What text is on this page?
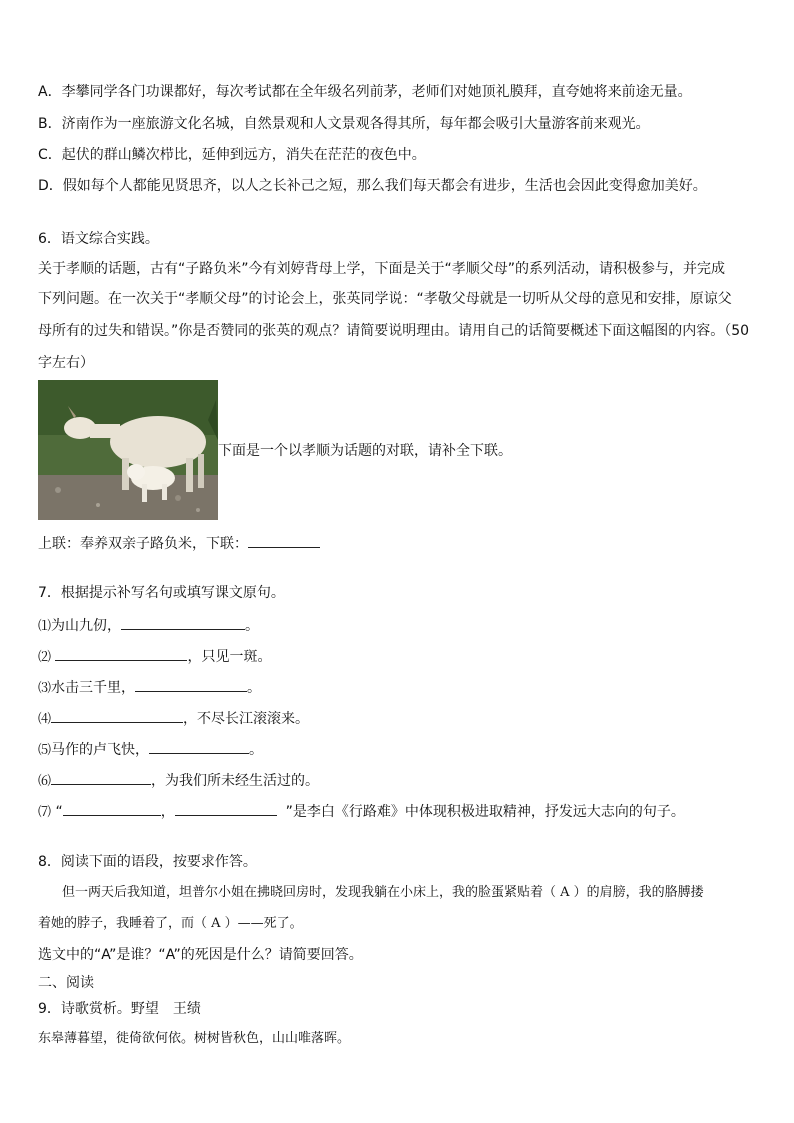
A．李攀同学各门功课都好，每次考试都在全年级名列前茅，老师们对她顶礼膜拜，直夸她将来前途无量。
B．济南作为一座旅游文化名城，自然景观和人文景观各得其所，每年都会吸引大量游客前来观光。
C．起伏的群山鳞次栉比，延伸到远方，消失在茫茫的夜色中。
D．假如每个人都能见贤思齐，以人之长补己之短，那么我们每天都会有进步，生活也会因此变得愈加美好。
6．语文综合实践。
关于孝顺的话题，古有“子路负米”今有刘婷背母上学，下面是关于“孝顺父母”的系列活动，请积极参与，并完成
下列问题。在一次关于“孝顺父母”的讨论会上，张英同学说：“孝敬父母就是一切听从父母的意见和安排，原谅父
母所有的过失和错误。”你是否赞同的张英的观点？请简要说明理由。请用自己的话简要概述下面这幅图的内容。（50
字左右）
下面是一个以孝顺为话题的对联，请补全下联。
上联：奉养双亲子路负米，下联：
7．根据提示补写名句或填写课文原句。
⑴为山九仞，	。
⑵	，只见一斑。
⑶水击三千里，	。
⑷	，不尽长江滚滚来。
⑸马作的卢飞快，	。
⑹	，为我们所未经生活过的。
⑺ “	，	”是李白《行路难》中体现积极进取精神，抒发远大志向的句子。
8．阅读下面的语段，按要求作答。
但一两天后我知道，坦普尔小姐在拂晓回房时，发现我躺在小床上，我的脸蛋紧贴着（ A ）的肩膀，我的胳膊搂
着她的脖子，我睡着了，而（ A ）——死了。
选文中的“A”是谁？“A”的死因是什么？请简要回答。
二、阅读
9．诗歌赏析。野望　王绩
东皋薄暮望，徙倚欲何依。树树皆秋色，山山唯落晖。
